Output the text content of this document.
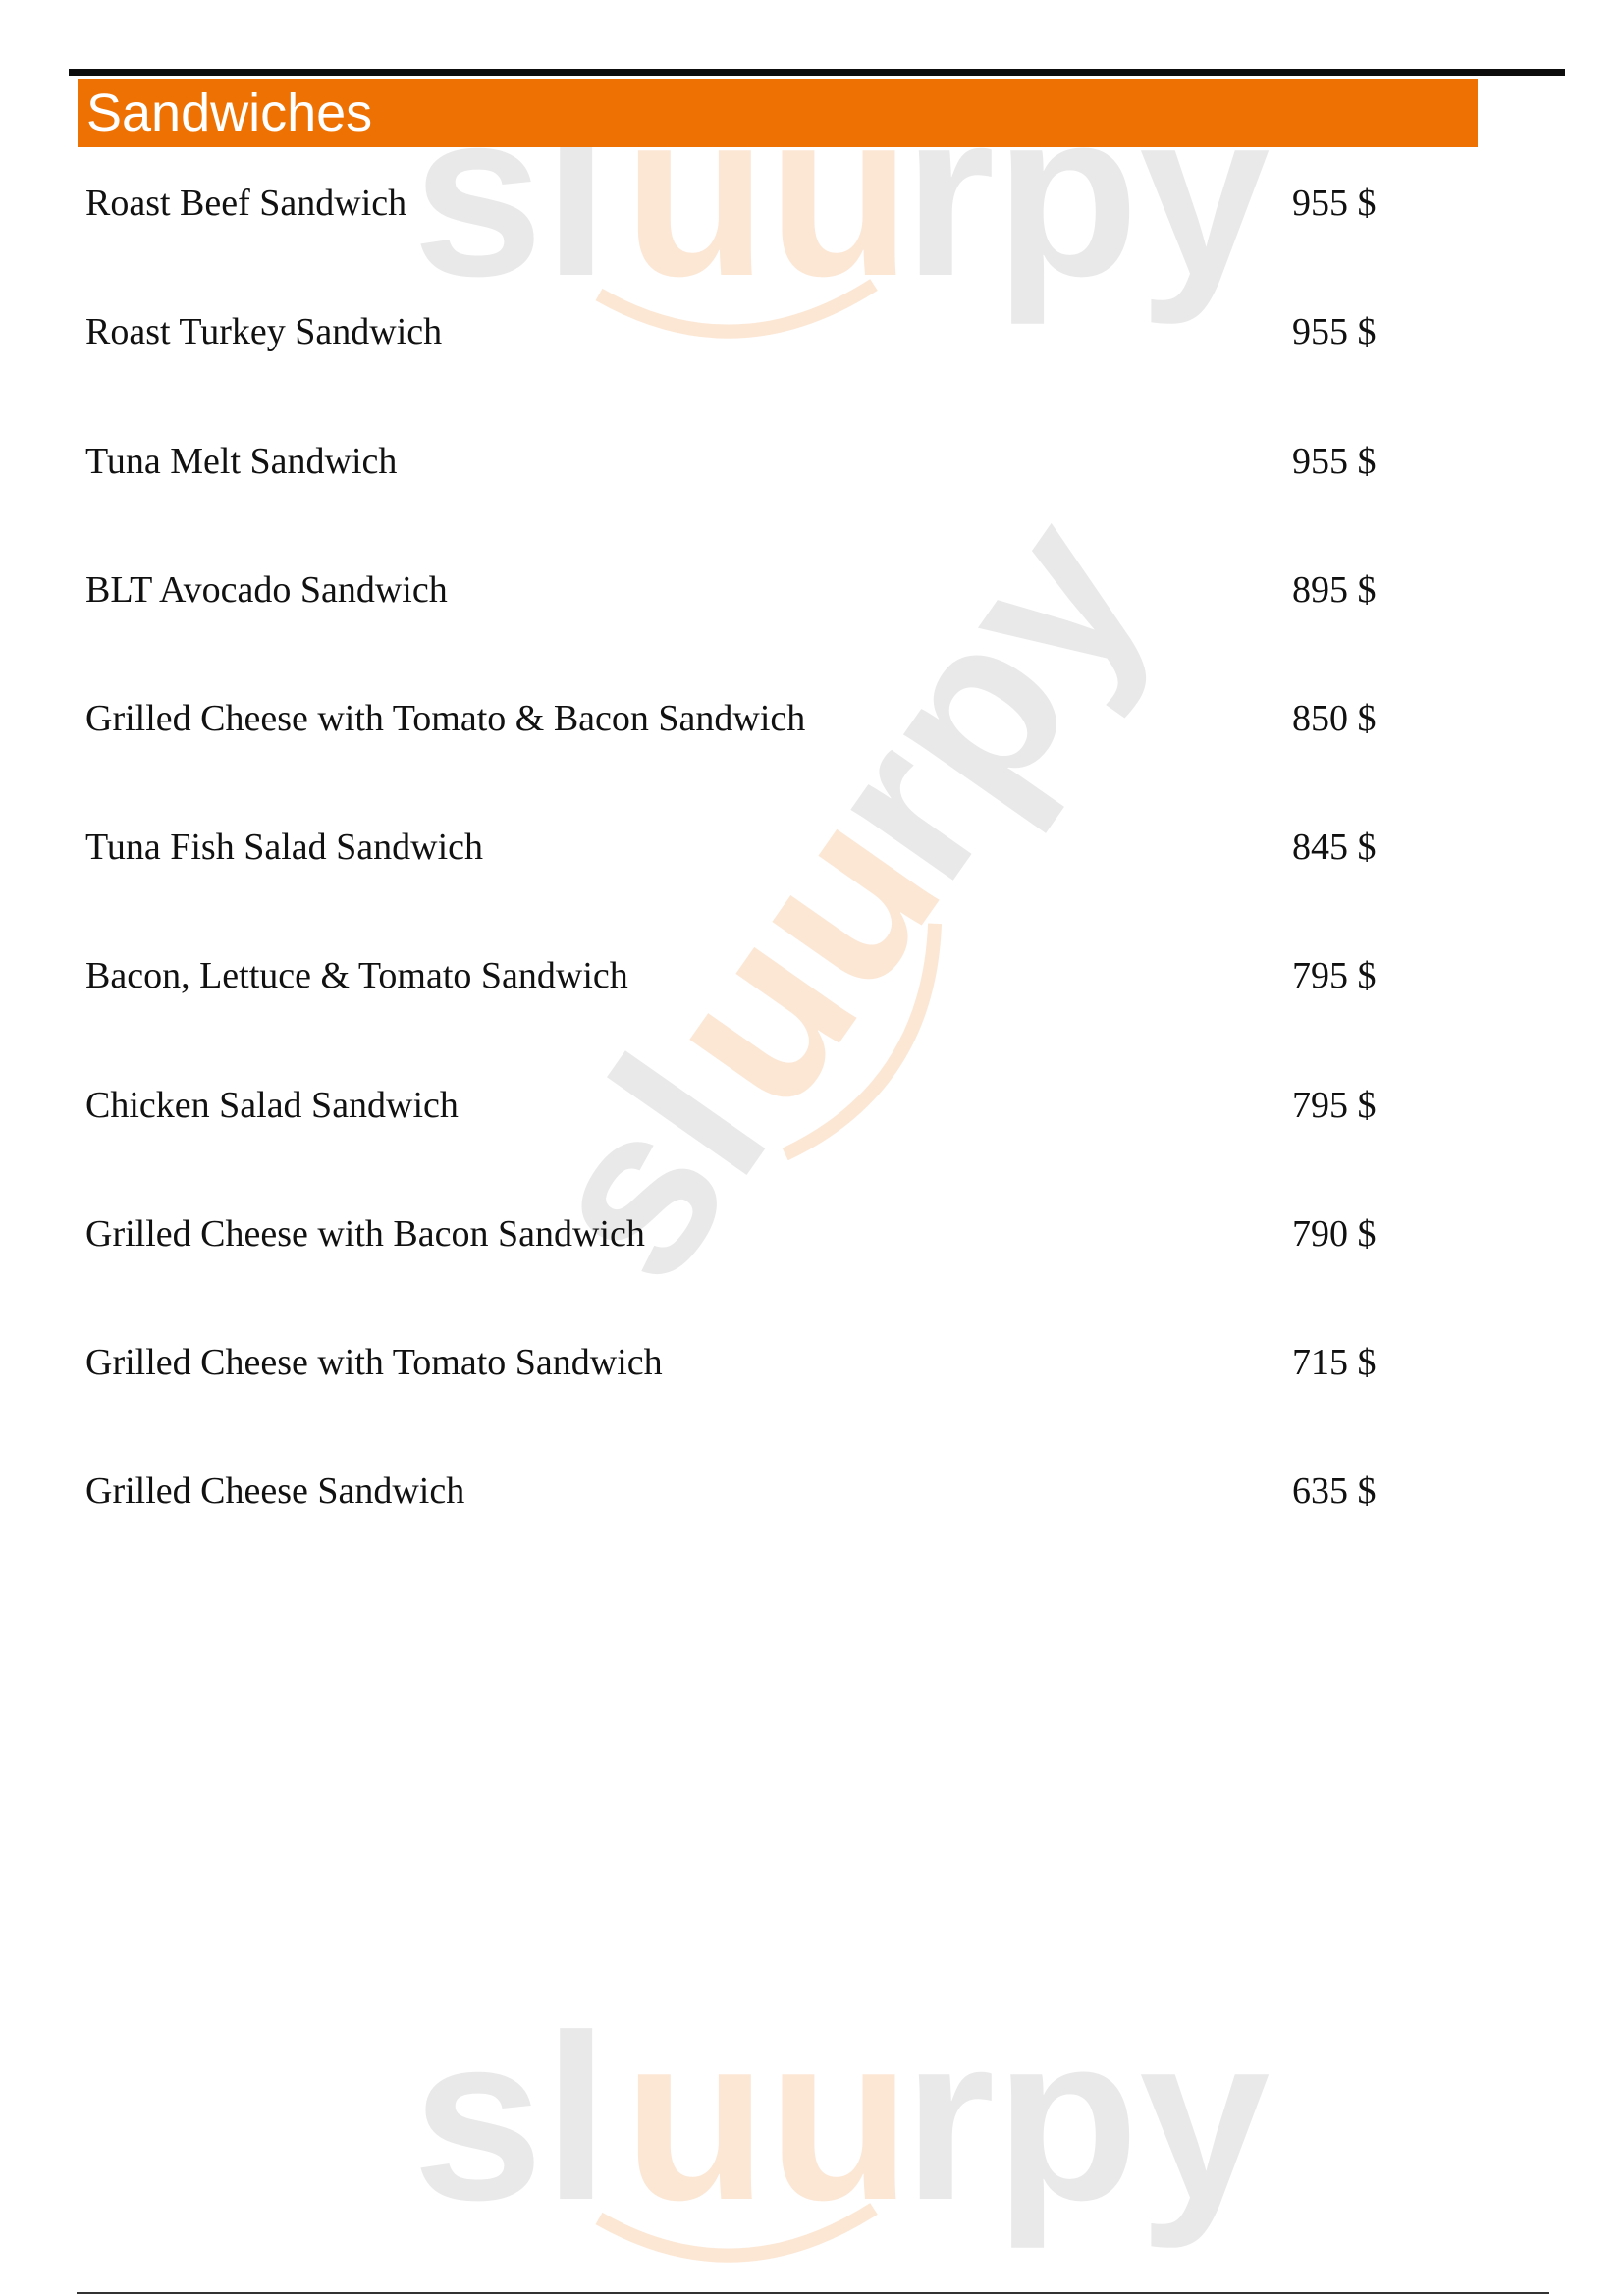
sl uu
rpy
sl
uu
rpy
sl uu
rpy
Sandwiches
Roast Beef Sandwich	955 $
Roast Turkey Sandwich	955 $
Tuna Melt Sandwich	955 $
BLT Avocado Sandwich	895 $
Grilled Cheese with Tomato & Bacon Sandwich	850 $
Tuna Fish Salad Sandwich	845 $
Bacon, Lettuce & Tomato Sandwich	795 $
Chicken Salad Sandwich	795 $
Grilled Cheese with Bacon Sandwich	790 $
Grilled Cheese with Tomato Sandwich	715 $
Grilled Cheese Sandwich	635 $
